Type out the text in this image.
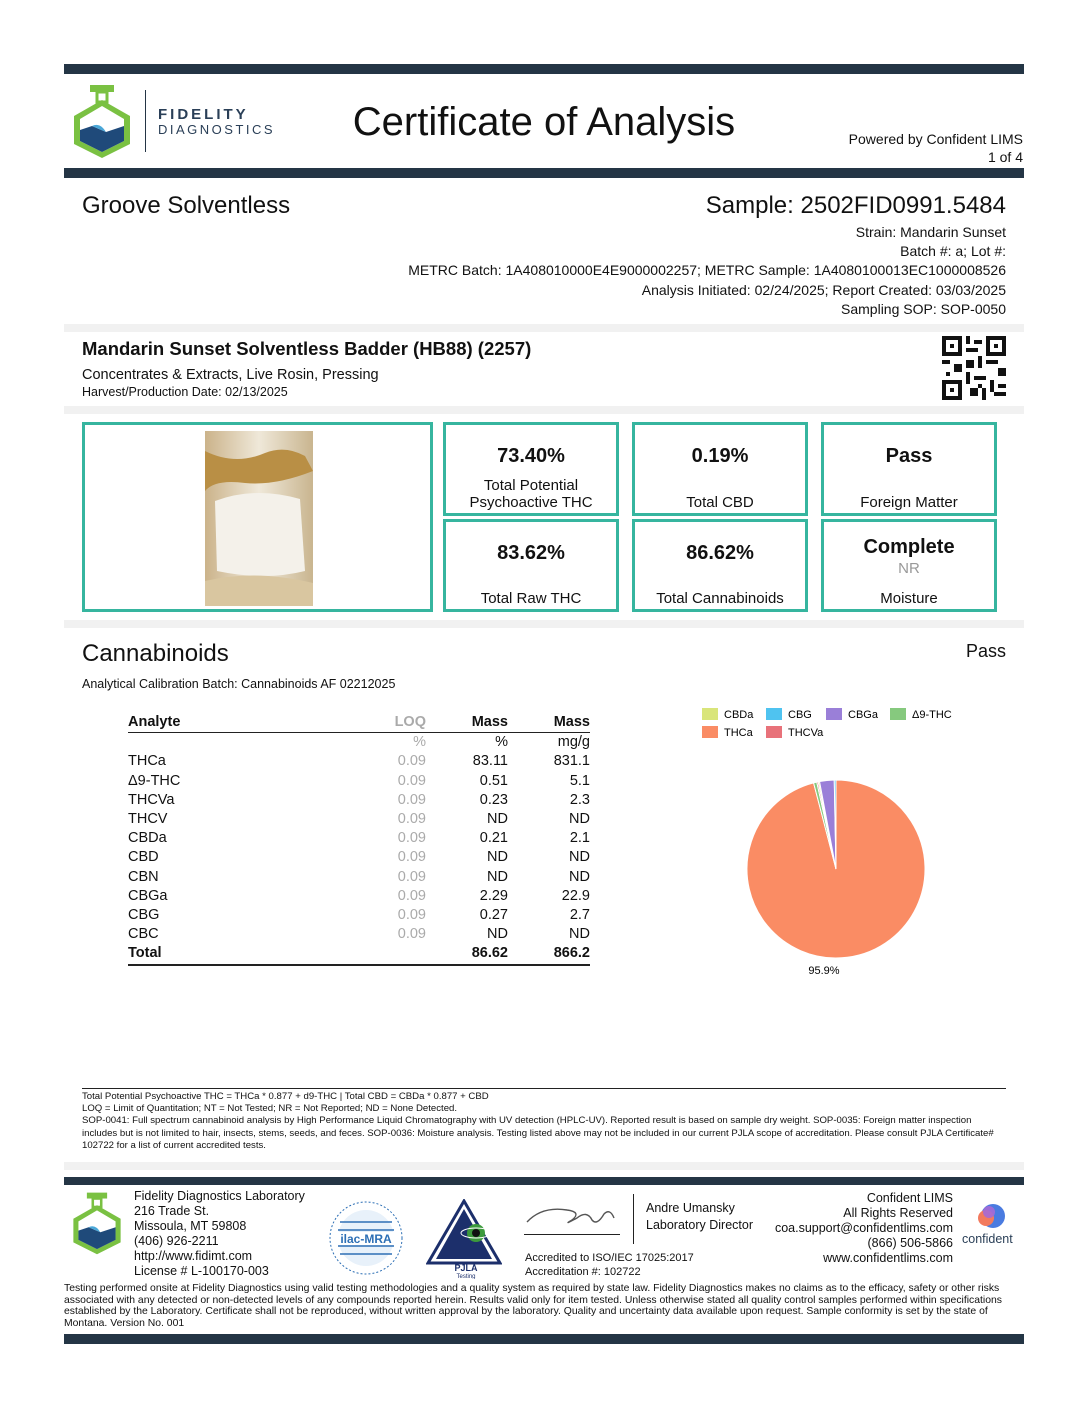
FIDELITY
DIAGNOSTICS	Certificate of Analysis	Powered by Confident LIMS
1 of 4
Groove Solventless	Sample: 2502FID0991.5484
Strain: Mandarin Sunset
Batch #: a; Lot #:
METRC Batch: 1A408010000E4E9000002257; METRC Sample: 1A4080100013EC1000008526
Analysis Initiated: 02/24/2025; Report Created: 03/03/2025
Sampling SOP: SOP-0050
Mandarin Sunset Solventless Badder (HB88) (2257)
Concentrates & Extracts, Live Rosin, Pressing
Harvest/Production Date: 02/13/2025
73.40%
Total Potential
Psychoactive THC
0.19%
Total CBD
Pass
Foreign Matter
83.62%
Total Raw THC
86.62%
Total Cannabinoids
Complete
NR
Moisture
Cannabinoids	Pass
Analytical Calibration Batch: Cannabinoids AF 02212025
Analyte	LOQ	Mass	Mass
	%	%	mg/g
THCa	0.09	83.11	831.1
Δ9-THC	0.09	0.51	5.1
THCVa	0.09	0.23	2.3
THCV	0.09	ND	ND
CBDa	0.09	0.21	2.1
CBD	0.09	ND	ND
CBN	0.09	ND	ND
CBGa	0.09	2.29	22.9
CBG	0.09	0.27	2.7
CBC	0.09	ND	ND
Total		86.62	866.2
CBDa	CBG	CBGa	Δ9-THC
THCa	THCVa
95.9%
Total Potential Psychoactive THC = THCa * 0.877 + d9-THC | Total CBD = CBDa * 0.877 + CBD
LOQ = Limit of Quantitation; NT = Not Tested; NR = Not Reported; ND = None Detected.
SOP-0041: Full spectrum cannabinoid analysis by High Performance Liquid Chromatography with UV detection (HPLC-UV). Reported result is based on sample dry weight. SOP-0035: Foreign matter inspection includes but is not limited to hair, insects, stems, seeds, and feces. SOP-0036: Moisture analysis. Testing listed above may not be included in our current PJLA scope of accreditation. Please consult PJLA Certificate# 102722 for a list of current accredited tests.
Fidelity Diagnostics Laboratory
216 Trade St.
Missoula, MT 59808
(406) 926-2211
http://www.fidimt.com
License # L-100170-003
ilac-MRA
PJLA
Testing
Andre Umansky
Laboratory Director
Accredited to ISO/IEC 17025:2017
Accreditation #: 102722
Confident LIMS
All Rights Reserved
coa.support@confidentlims.com
(866) 506-5866
www.confidentlims.com
confident
Testing performed onsite at Fidelity Diagnostics using valid testing methodologies and a quality system as required by state law. Fidelity Diagnostics makes no claims as to the efficacy, safety or other risks associated with any detected or non-detected levels of any compounds reported herein. Results valid only for item tested. Unless otherwise stated all quality control samples performed within specifications established by the Laboratory. Certificate shall not be reproduced, without written approval by the laboratory. Quality and uncertainty data available upon request. Sample conformity is set by the state of Montana. Version No. 001
